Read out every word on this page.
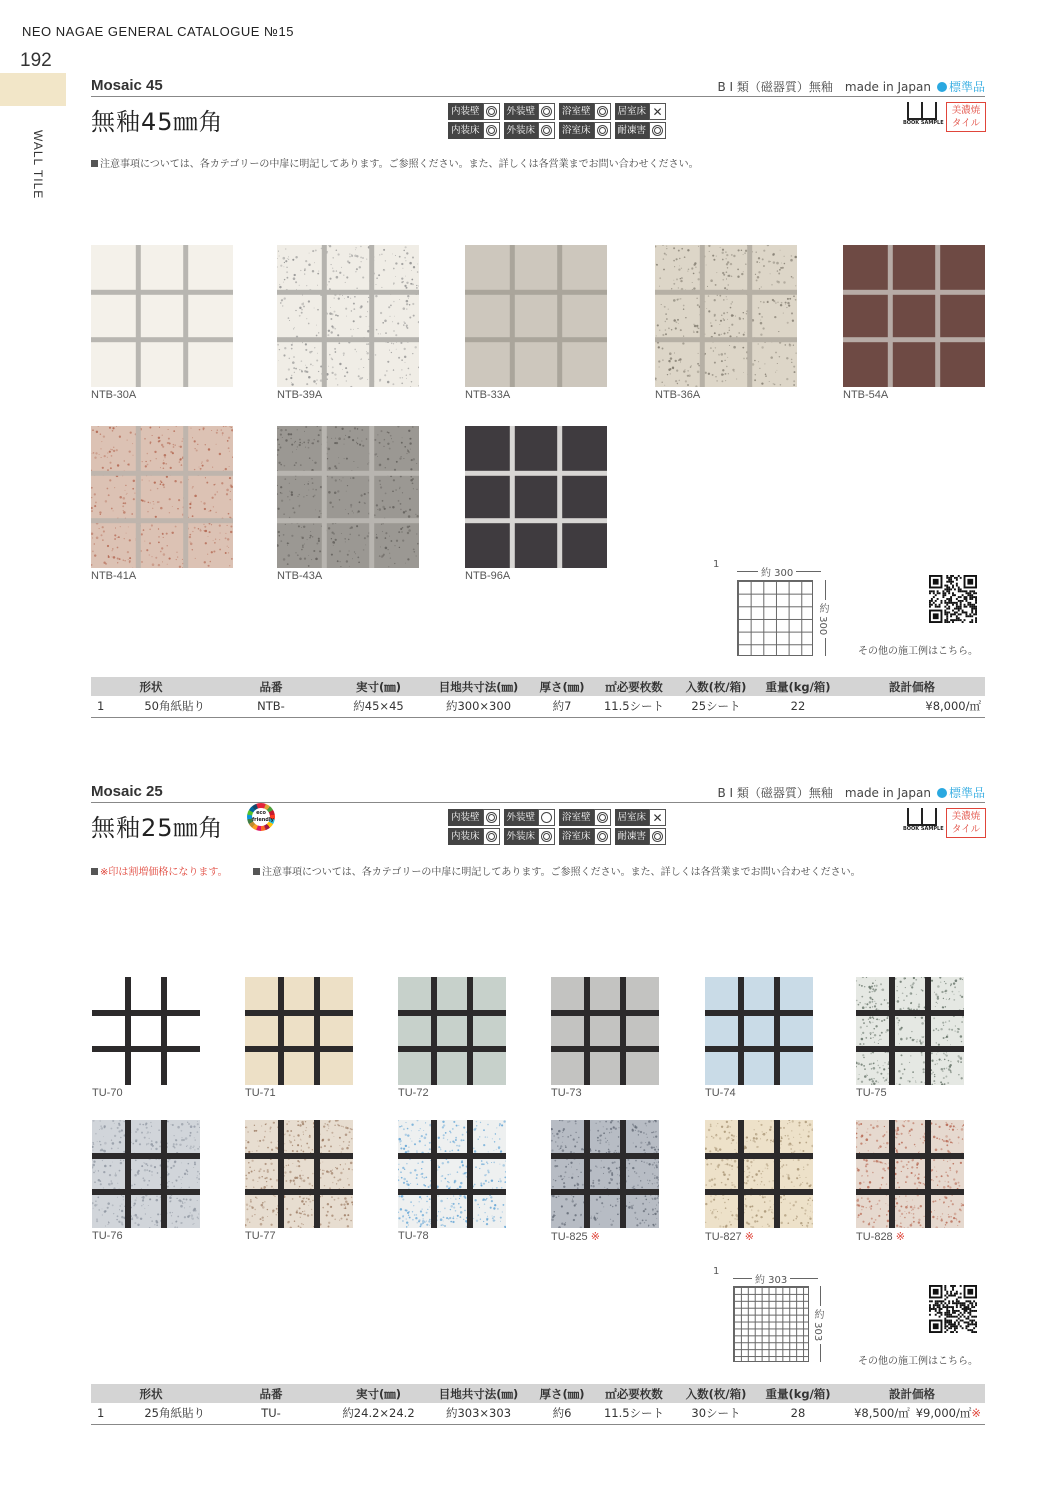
NEO NAGAE GENERAL CATALOGUE №15
192
WALL TILE
Mosaic 45	B I 類（磁器質）無釉　made in Japan 標準品
無釉45㎜角	内装壁	外装壁	浴室壁	居室床 ✕
内装床	外装床	浴室床	耐凍害
BOOK SAMPLE
美濃焼
タイル
注意事項については、各カテゴリーの中扉に明記してあります。ご参照ください。また、詳しくは各営業までお問い合わせください。
NTB-30A	NTB-39A	NTB-33A	NTB-36A	NTB-54A
NTB-41A	NTB-43A	NTB-96A
1
約 300
約 300
その他の施工例はこちら。
形状	品番	実寸(㎜)	目地共寸法(㎜)	厚さ(㎜)	㎡必要枚数	入数(枚/箱)	重量(kg/箱)	設計価格
1 50角紙貼り	NTB-	約45×45	約300×300	約7	11.5シート	25シート	22	¥8,000/㎡
Mosaic 25	B I 類（磁器質）無釉　made in Japan 標準品
無釉25㎜角
eco
friendly	内装壁	外装壁	浴室壁	居室床 ✕
内装床	外装床	浴室床	耐凍害
BOOK SAMPLE
美濃焼
タイル
※印は割増価格になります。	注意事項については、各カテゴリーの中扉に明記してあります。ご参照ください。また、詳しくは各営業までお問い合わせください。
TU-70	TU-71	TU-72	TU-73	TU-74	TU-75
TU-76	TU-77	TU-78	TU-825 ※	TU-827 ※	TU-828 ※
1
約 303
約 303
その他の施工例はこちら。
形状	品番	実寸(㎜)	目地共寸法(㎜)	厚さ(㎜)	㎡必要枚数	入数(枚/箱)	重量(kg/箱)	設計価格
1 25角紙貼り	TU-	約24.2×24.2	約303×303	約6	11.5シート	30シート	28	¥8,500/㎡ ¥9,000/㎡※
